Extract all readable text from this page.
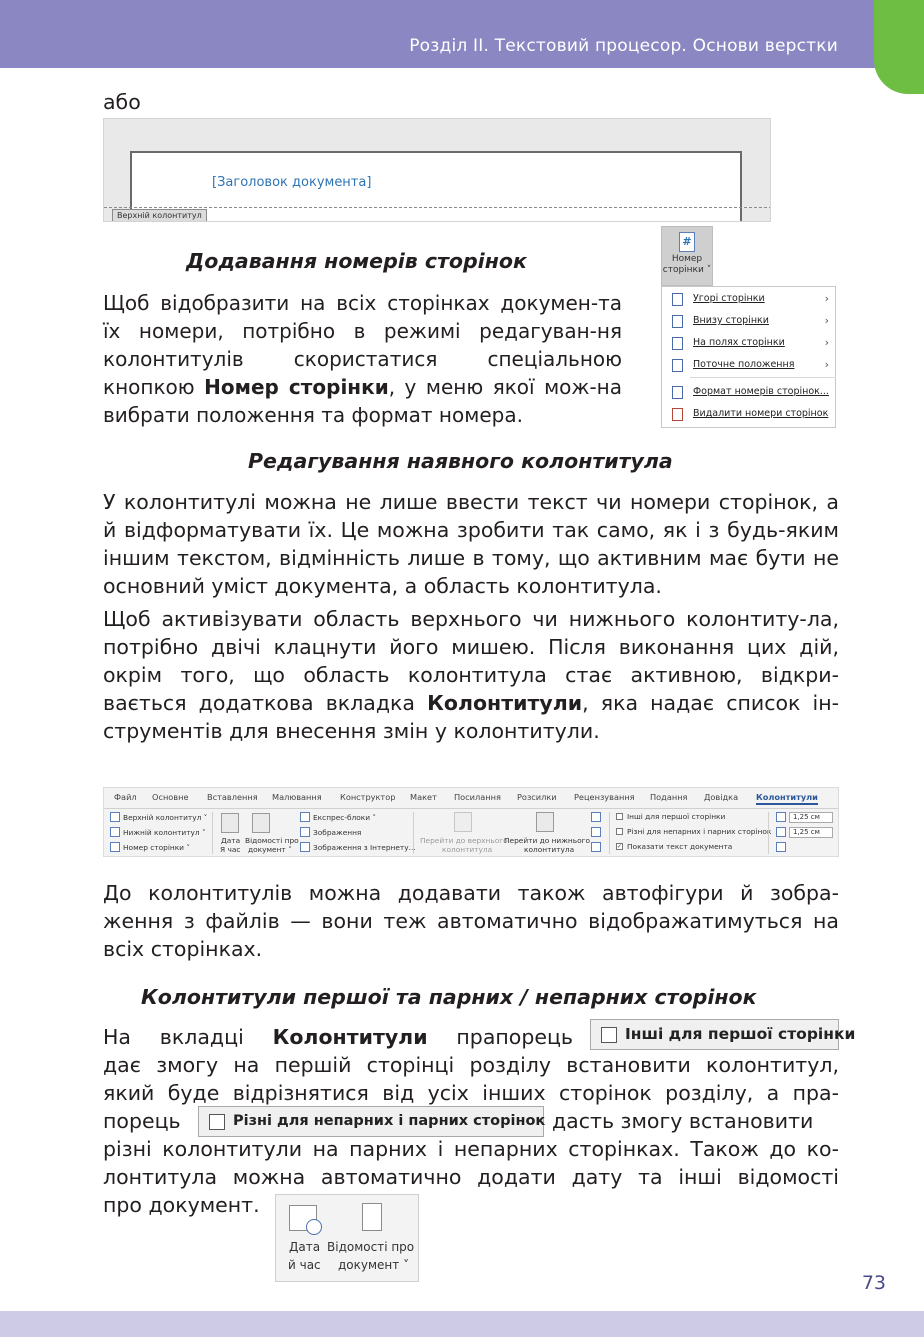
Розділ ІІ. Текстовий процесор. Основи верстки
або
[Заголовок документа]
Верхній колонтитул
Додавання номерів сторінок
Щоб відобразити на всіх сторінках докумен-та їх номери, потрібно в режимі редагуван-ня колонтитулів скористатися спеціальною кнопкою Номер сторінки, у меню якої мож-на вибрати положення та формат номера.
#
Номер
сторінки ˅
Угорі сторінки	›
Внизу сторінки	›
На полях сторінки	›
Поточне положення	›
Формат номерів сторінок...
Видалити номери сторінок
Редагування наявного колонтитула
У колонтитулі можна не лише ввести текст чи номери сторінок, а й відформатувати їх. Це можна зробити так само, як і з будь-яким іншим текстом, відмінність лише в тому, що активним має бути не основний уміст документа, а область колонтитула.
Щоб активізувати область верхнього чи нижнього колонтиту-ла, потрібно двічі клацнути його мишею. Після виконання цих дій, окрім того, що область колонтитула стає активною, відкри-вається додаткова вкладка Колонтитули, яка надає список ін-струментів для внесення змін у колонтитули.
Файл Основне Вставлення Малювання Конструктор Макет Посилання Розсилки Рецензування Подання Довідка Колонтитули
Верхній колонтитул ˅
Нижній колонтитул ˅
Номер сторінки ˅
Дата
Я час
Відомості про
документ ˅
Експрес-блоки ˅
Зображення
Зображення з Інтернету...
Перейти до верхнього
колонтитула
Перейти до нижнього
колонтитула
Інші для першої сторінки
Різні для непарних і парних сторінок
✓ Показати текст документа
1,25 см
1,25 см
До колонтитулів можна додавати також автофігури й зобра-ження з файлів — вони теж автоматично відображатимуться на всіх сторінках.
Колонтитули першої та парних / непарних сторінок
На вкладці Колонтитули прапорець	Інші для першої сторінки
дає змогу на першій сторінці розділу встановити колонтитул,
який буде відрізнятися від усіх інших сторінок розділу, а пра-
порець	Різні для непарних і парних сторінок дасть змогу встановити
різні колонтитули на парних і непарних сторінках. Також до ко-
лонтитула можна автоматично додати дату та інші відомості
про документ.
Дата
й час
Відомості про
документ ˅
73
